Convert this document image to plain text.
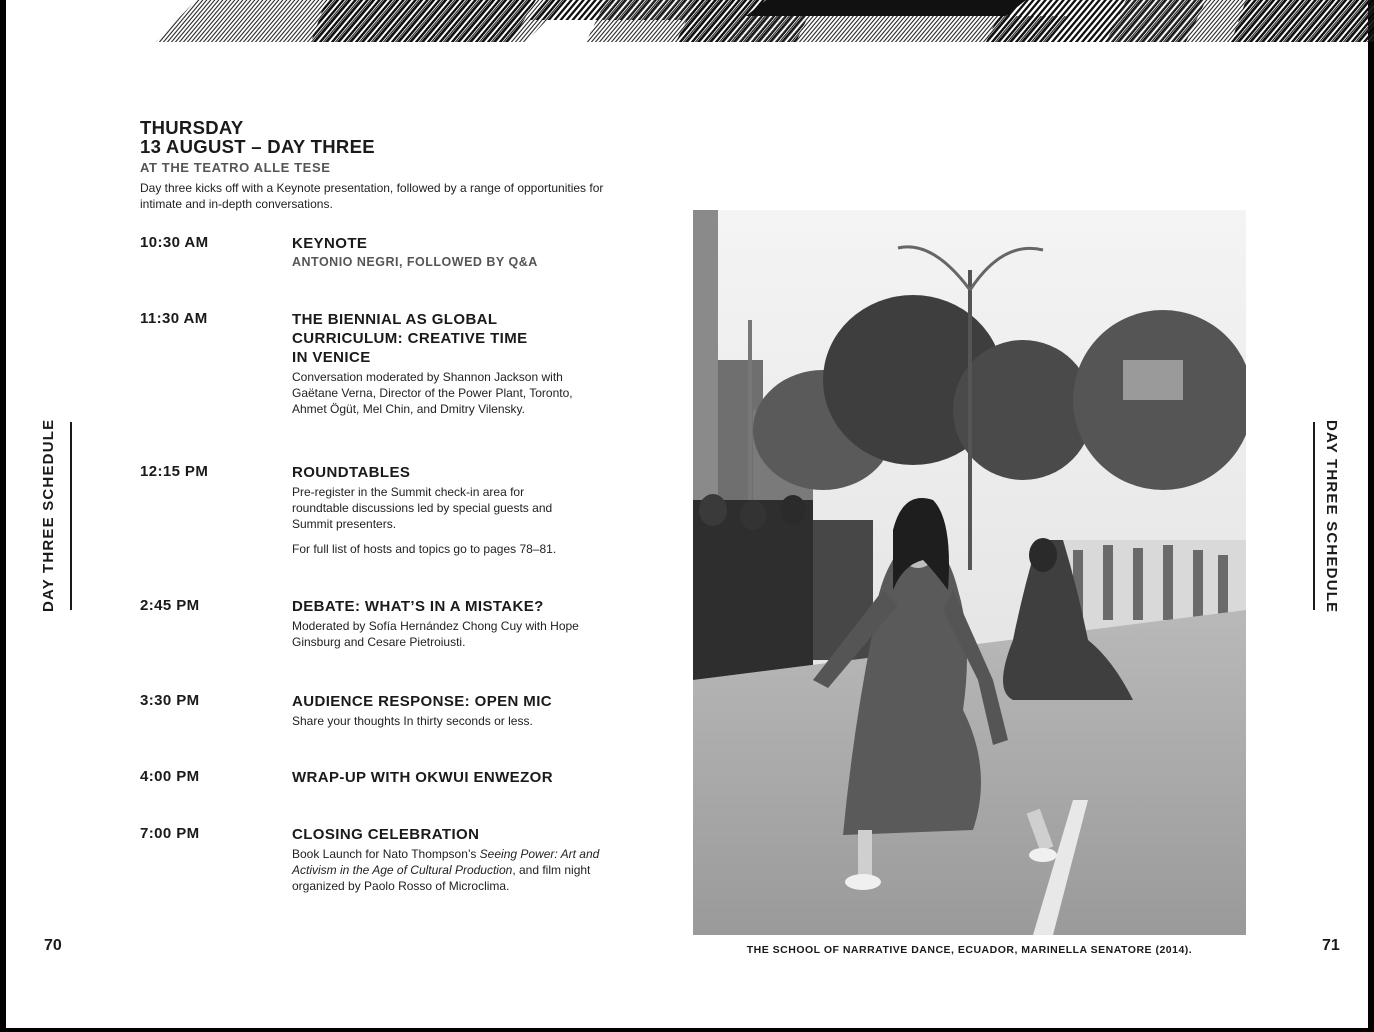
THURSDAY
13 AUGUST – DAY THREE
AT THE TEATRO ALLE TESE
Day three kicks off with a Keynote presentation, followed by a range of opportunities for intimate and in-depth conversations.
10:30 AM	KEYNOTE
ANTONIO NEGRI, FOLLOWED BY Q&A
11:30 AM	THE BIENNIAL AS GLOBAL CURRICULUM: CREATIVE TIME IN VENICE
Conversation moderated by Shannon Jackson with Gaëtane Verna, Director of the Power Plant, Toronto, Ahmet Ögüt, Mel Chin, and Dmitry Vilensky.
12:15 PM	ROUNDTABLES
Pre-register in the Summit check-in area for roundtable discussions led by special guests and Summit presenters.
For full list of hosts and topics go to pages 78–81.
2:45 PM	DEBATE: WHAT’S IN A MISTAKE?
Moderated by Sofía Hernández Chong Cuy with Hope Ginsburg and Cesare Pietroiusti.
3:30 PM	AUDIENCE RESPONSE: OPEN MIC
Share your thoughts In thirty seconds or less.
4:00 PM	WRAP-UP WITH OKWUI ENWEZOR
7:00 PM	CLOSING CELEBRATION
Book Launch for Nato Thompson’s Seeing Power: Art and Activism in the Age of Cultural Production, and film night organized by Paolo Rosso of Microclima.
DAY THREE SCHEDULE	DAY THREE SCHEDULE
70	71
THE SCHOOL OF NARRATIVE DANCE, ECUADOR, MARINELLA SENATORE (2014).
